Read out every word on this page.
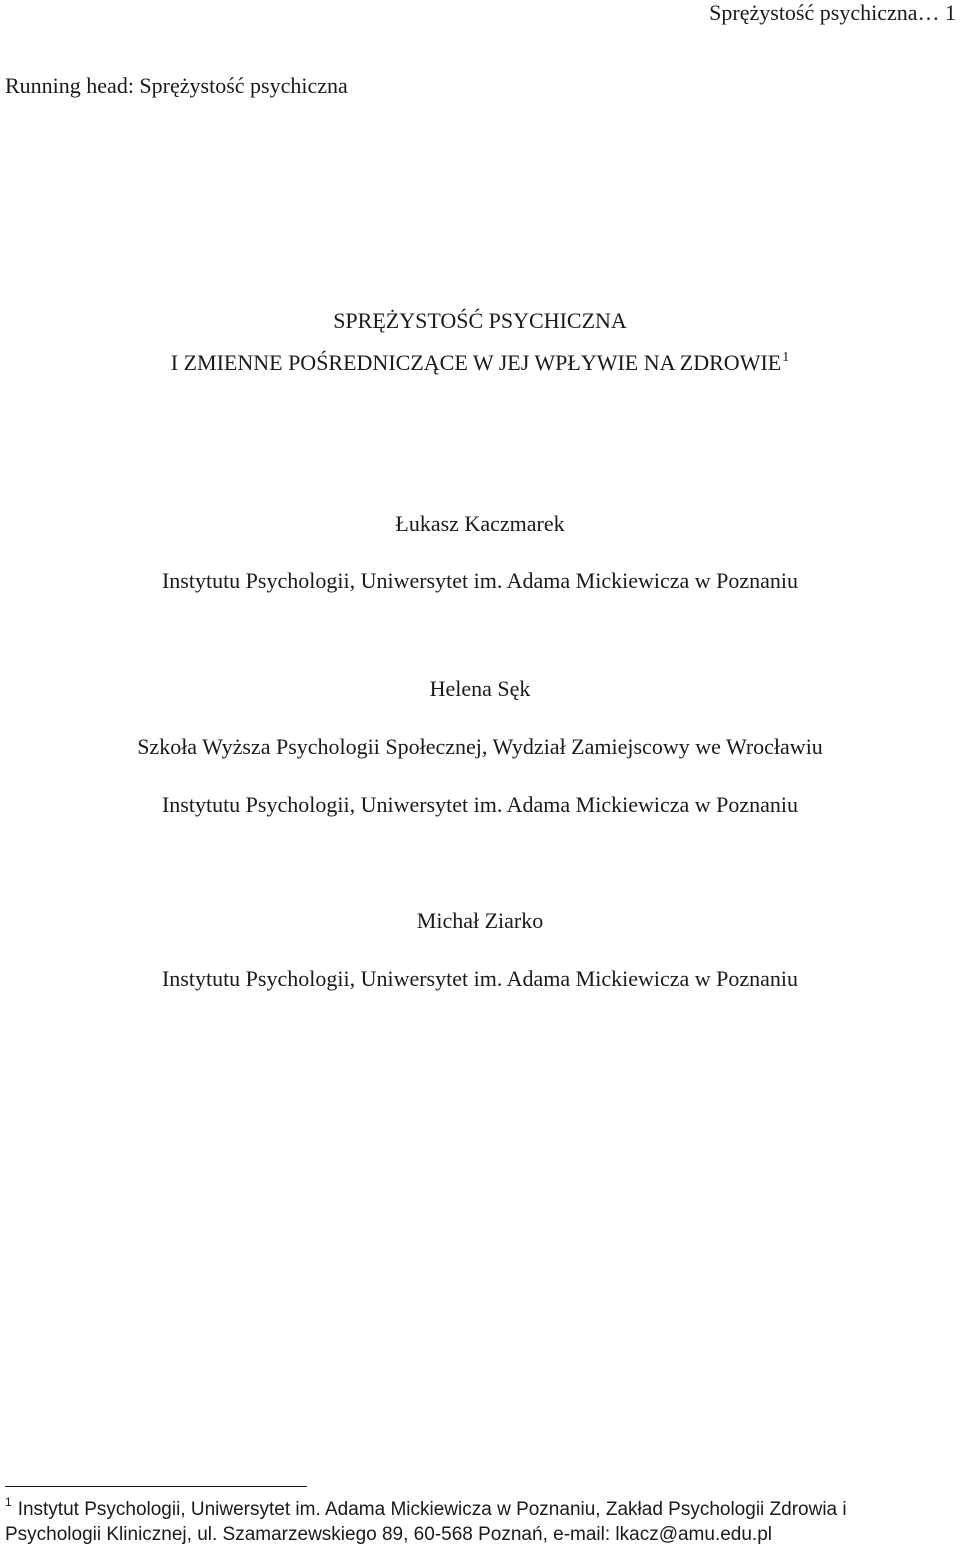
Sprężystość psychiczna… 1
Running head: Sprężystość psychiczna
SPRĘŻYSTOŚĆ PSYCHICZNA
I ZMIENNE POŚREDNICZĄCE W JEJ WPŁYWIE NA ZDROWIE$^1$
Łukasz Kaczmarek
Instytutu Psychologii, Uniwersytet im. Adama Mickiewicza w Poznaniu
Helena Sęk
Szkoła Wyższa Psychologii Społecznej, Wydział Zamiejscowy we Wrocławiu
Instytutu Psychologii, Uniwersytet im. Adama Mickiewicza w Poznaniu
Michał Ziarko
Instytutu Psychologii, Uniwersytet im. Adama Mickiewicza w Poznaniu
$^1$ Instytut Psychologii, Uniwersytet im. Adama Mickiewicza w Poznaniu, Zakład Psychologii Zdrowia i
Psychologii Klinicznej, ul. Szamarzewskiego 89, 60-568 Poznań, e-mail: lkacz@amu.edu.pl
